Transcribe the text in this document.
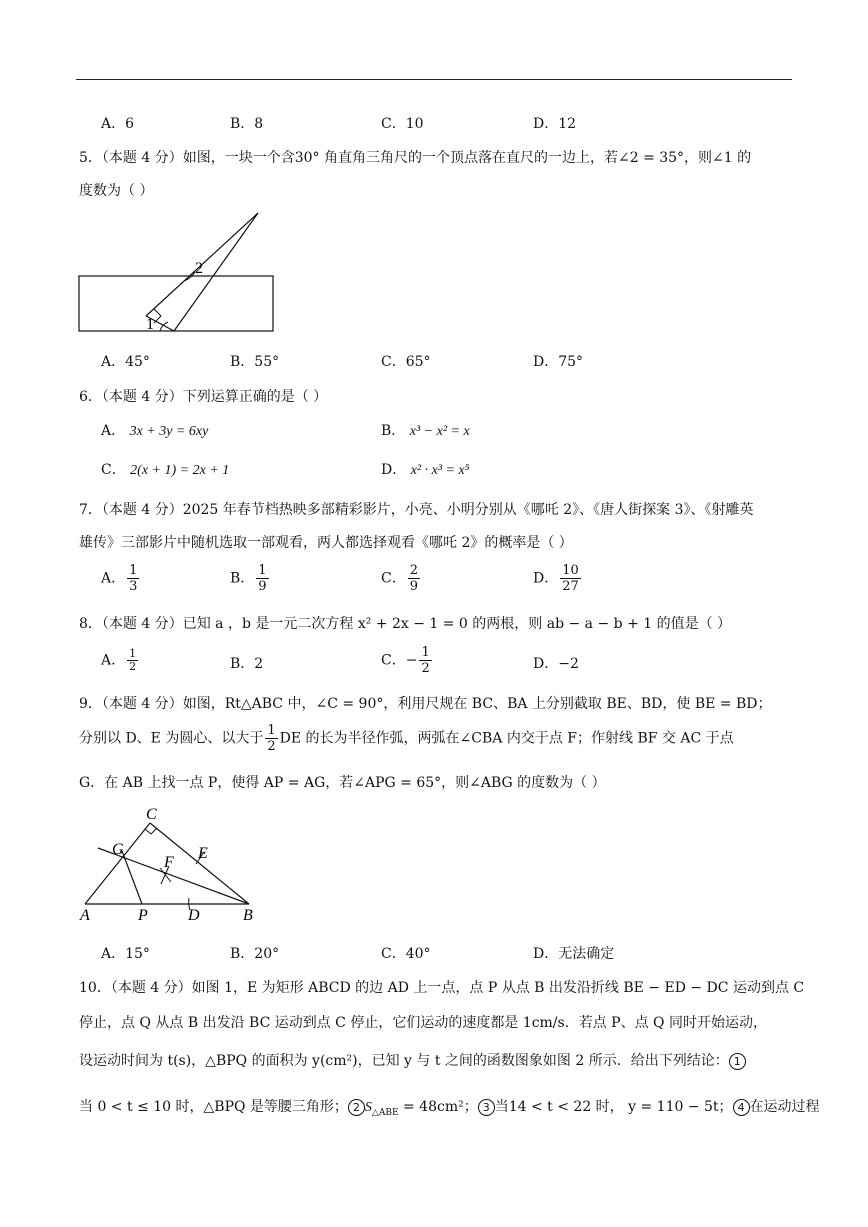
A．6	B．8	C．10	D．12
5．（本题 4 分）如图，一块一个含30° 角直角三角尺的一个顶点落在直尺的一边上，若∠2 = 35°，则∠1 的
度数为（ ）
2
1
A．45°	B．55°	C．65°	D．75°
6．（本题 4 分）下列运算正确的是（ ）
A． 3x + 3y = 6xy	B． x³ − x² = x
C． 2(x + 1) = 2x + 1	D． x² · x³ = x⁵
7．（本题 4 分）2025 年春节档热映多部精彩影片，小亮、小明分别从《哪吒 2》、《唐人街探案 3》、《射雕英
雄传》三部影片中随机选取一部观看，两人都选择观看《哪吒 2》的概率是（ ）
A． $\frac{1}{3}$	B． $\frac{1}{9}$	C． $\frac{2}{9}$	D． $\frac{10}{27}$
8．（本题 4 分）已知 a ，b 是一元二次方程 x² + 2x − 1 = 0 的两根，则 ab − a − b + 1 的值是（ ）
A． $\frac{1}{2}$	B．2	C．− $\frac{1}{2}$	D．−2
9．（本题 4 分）如图，Rt△ABC 中，∠C = 90°，利用尺规在 BC、BA 上分别截取 BE、BD，使 BE = BD；
分别以 D、E 为圆心、以大于 $\frac{1}{2}$ DE 的长为半径作弧，两弧在∠CBA 内交于点 F；作射线 BF 交 AC 于点
G．在 AB 上找一点 P，使得 AP = AG，若∠APG = 65°，则∠ABG 的度数为（ ）
C
G
F
E
A	P	D	B
A．15°	B．20°	C．40°	D．无法确定
10．（本题 4 分）如图 1，E 为矩形 ABCD 的边 AD 上一点，点 P 从点 B 出发沿折线 BE − ED − DC 运动到点 C
停止，点 Q 从点 B 出发沿 BC 运动到点 C 停止，它们运动的速度都是 1cm/s．若点 P、点 Q 同时开始运动，
设运动时间为 t(s)，△BPQ 的面积为 y(cm²)，已知 y 与 t 之间的函数图象如图 2 所示．给出下列结论： 1
当 0 < t ≤ 10 时，△BPQ 是等腰三角形； 2 $S_{\triangle ABE} = 48cm^2$； 3 当14 < t < 22 时， y = 110 − 5t； 4 在运动过程
